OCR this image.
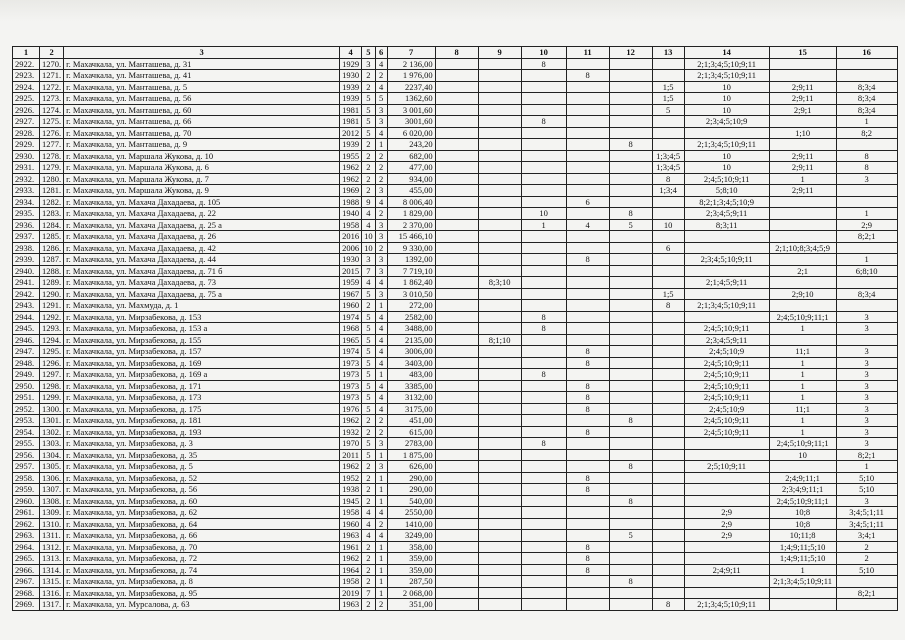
1	2	3	4	5	6	7	8	9	10	11	12	13	14	15	16
2922.	1270.	г. Махачкала, ул. Манташева, д. 31	1929	3	4	2 136,00			8				2;1;3;4;5;10;9;11		
2923.	1271.	г. Махачкала, ул. Манташева, д. 41	1930	2	2	1 976,00				8			2;1;3;4;5;10;9;11		
2924.	1272.	г. Махачкала, ул. Манташева, д. 5	1939	2	4	2237,40						1;5	10	2;9;11	8;3;4
2925.	1273.	г. Махачкала, ул. Манташева, д. 56	1939	5	5	1362,60						1;5	10	2;9;11	8;3;4
2926.	1274.	г. Махачкала, ул. Манташева, д. 60	1981	5	3	3 001,60						5	10	2;9;1	8;3;4
2927.	1275.	г. Махачкала, ул. Манташева, д. 66	1981	5	3	3001,60			8				2;3;4;5;10;9		1
2928.	1276.	г. Махачкала, ул. Манташева, д. 70	2012	5	4	6 020,00								1;10	8;2
2929.	1277.	г. Махачкала, ул. Манташева, д. 9	1939	2	1	243,20					8		2;1;3;4;5;10;9;11		
2930.	1278.	г. Махачкала, ул. Маршала Жукова, д. 10	1955	2	2	682,00						1;3;4;5	10	2;9;11	8
2931.	1279.	г. Махачкала, ул. Маршала Жукова, д. 6	1962	2	2	477,00						1;3;4;5	10	2;9;11	8
2932.	1280.	г. Махачкала, ул. Маршала Жукова, д. 7	1962	2	2	934,00						8	2;4;5;10;9;11	1	3
2933.	1281.	г. Махачкала, ул. Маршала Жукова, д. 9	1969	2	3	455,00						1;3;4	5;8;10	2;9;11	
2934.	1282.	г. Махачкала, ул. Махача Дахадаева, д. 105	1988	9	4	8 006,40				6			8;2;1;3;4;5;10;9		
2935.	1283.	г. Махачкала, ул. Махача Дахадаева, д. 22	1940	4	2	1 829,00			10		8		2;3;4;5;9;11		1
2936.	1284.	г. Махачкала, ул. Махача Дахадаева, д. 25 а	1958	4	3	2 370,00			1	4	5	10	8;3;11		2;9
2937.	1285.	г. Махачкала, ул. Махача Дахадаева, д. 26	2016	10	3	15 466,10									8;2;1
2938.	1286.	г. Махачкала, ул. Махача Дахадаева, д. 42	2006	10	2	9 330,00						6		2;1;10;8;3;4;5;9	
2939.	1287.	г. Махачкала, ул. Махача Дахадаева, д. 44	1930	3	3	1392,00				8			2;3;4;5;10;9;11		1
2940.	1288.	г. Махачкала, ул. Махача Дахадаева, д. 71 б	2015	7	3	7 719,10								2;1	6;8;10
2941.	1289.	г. Махачкала, ул. Махача Дахадаева, д. 73	1959	4	4	1 862,40		8;3;10					2;1;4;5;9;11		
2942.	1290.	г. Махачкала, ул. Махача Дахадаева, д. 75 а	1967	5	3	3 010,50						1;5		2;9;10	8;3;4
2943.	1291.	г. Махачкала, ул. Махмуда, д. 1	1960	2	1	272,00						8	2;1;3;4;5;10;9;11		
2944.	1292.	г. Махачкала, ул. Мирзабекова, д. 153	1974	5	4	2582,00			8					2;4;5;10;9;11;1	3
2945.	1293.	г. Махачкала, ул. Мирзабекова, д. 153 а	1968	5	4	3488,00			8				2;4;5;10;9;11	1	3
2946.	1294.	г. Махачкала, ул. Мирзабекова, д. 155	1965	5	4	2135,00		8;1;10					2;3;4;5;9;11		
2947.	1295.	г. Махачкала, ул. Мирзабекова, д. 157	1974	5	4	3006,00				8			2;4;5;10;9	11;1	3
2948.	1296.	г. Махачкала, ул. Мирзабекова, д. 169	1973	5	4	3403,00				8			2;4;5;10;9;11	1	3
2949.	1297.	г. Махачкала, ул. Мирзабекова, д. 169 а	1973	5	1	483,00			8				2;4;5;10;9;11	1	3
2950.	1298.	г. Махачкала, ул. Мирзабекова, д. 171	1973	5	4	3385,00				8			2;4;5;10;9;11	1	3
2951.	1299.	г. Махачкала, ул. Мирзабекова, д. 173	1973	5	4	3132,00				8			2;4;5;10;9;11	1	3
2952.	1300.	г. Махачкала, ул. Мирзабекова, д. 175	1976	5	4	3175,00				8			2;4;5;10;9	11;1	3
2953.	1301.	г. Махачкала, ул. Мирзабекова, д. 181	1962	2	2	451,00					8		2;4;5;10;9;11	1	3
2954.	1302.	г. Махачкала, ул. Мирзабекова, д. 193	1932	2	2	615,00				8			2;4;5;10;9;11	1	3
2955.	1303.	г. Махачкала, ул. Мирзабекова, д. 3	1970	5	3	2783,00			8					2;4;5;10;9;11;1	3
2956.	1304.	г. Махачкала, ул. Мирзабекова, д. 35	2011	5	1	1 875,00								10	8;2;1
2957.	1305.	г. Махачкала, ул. Мирзабекова, д. 5	1962	2	3	626,00					8		2;5;10;9;11		1
2958.	1306.	г. Махачкала, ул. Мирзабекова, д. 52	1952	2	1	290,00				8				2;4;9;11;1	5;10
2959.	1307.	г. Махачкала, ул. Мирзабекова, д. 56	1938	2	1	290,00				8				2;3;4;9;11;1	5;10
2960.	1308.	г. Махачкала, ул. Мирзабекова, д. 60	1945	2	1	540,00					8			2;4;5;10;9;11;1	3
2961.	1309.	г. Махачкала, ул. Мирзабекова, д. 62	1958	4	4	2550,00							2;9	10;8	3;4;5;1;11
2962.	1310.	г. Махачкала, ул. Мирзабекова, д. 64	1960	4	2	1410,00							2;9	10;8	3;4;5;1;11
2963.	1311.	г. Махачкала, ул. Мирзабекова, д. 66	1963	4	4	3249,00					5		2;9	10;11;8	3;4;1
2964.	1312.	г. Махачкала, ул. Мирзабекова, д. 70	1961	2	1	358,00				8				1;4;9;11;5;10	2
2965.	1313.	г. Махачкала, ул. Мирзабекова, д. 72	1962	2	1	359,00				8				1;4;9;11;5;10	2
2966.	1314.	г. Махачкала, ул. Мирзабекова, д. 74	1964	2	1	359,00				8			2;4;9;11	1	5;10
2967.	1315.	г. Махачкала, ул. Мирзабекова, д. 8	1958	2	1	287,50					8			2;1;3;4;5;10;9;11	
2968.	1316.	г. Махачкала, ул. Мирзабекова, д. 95	2019	7	1	2 068,00									8;2;1
2969.	1317.	г. Махачкала, ул. Мурсалова, д. 63	1963	2	2	351,00						8	2;1;3;4;5;10;9;11		
